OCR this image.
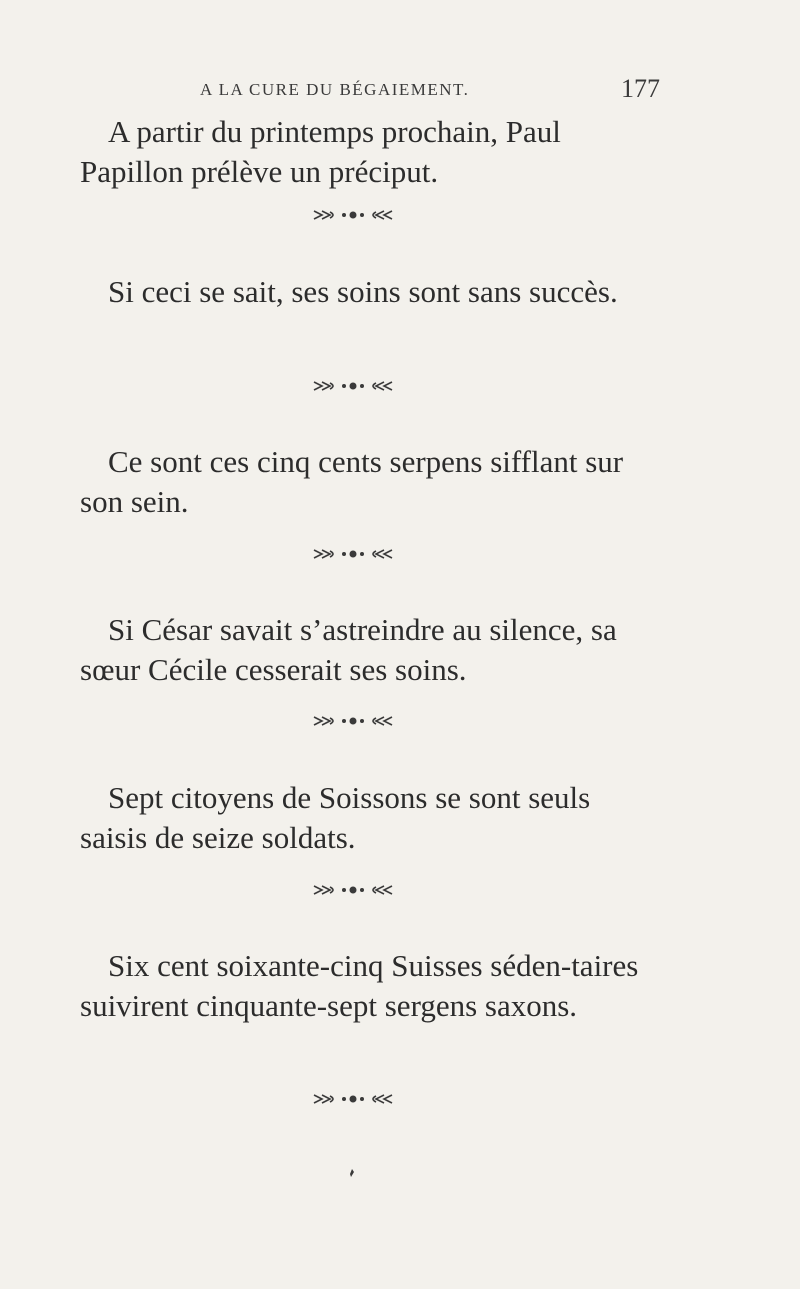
A LA CURE DU BÉGAIEMENT.	177

A partir du printemps prochain, Paul Papillon prélève un préciput.

Si ceci se sait, ses soins sont sans succès.

Ce sont ces cinq cents serpens sifflant sur son sein.

Si César savait s’astreindre au silence, sa sœur Cécile cesserait ses soins.

Sept citoyens de Soissons se sont seuls saisis de seize soldats.

Six cent soixante-cinq Suisses séden-taires suivirent cinquante-sept sergens saxons.
